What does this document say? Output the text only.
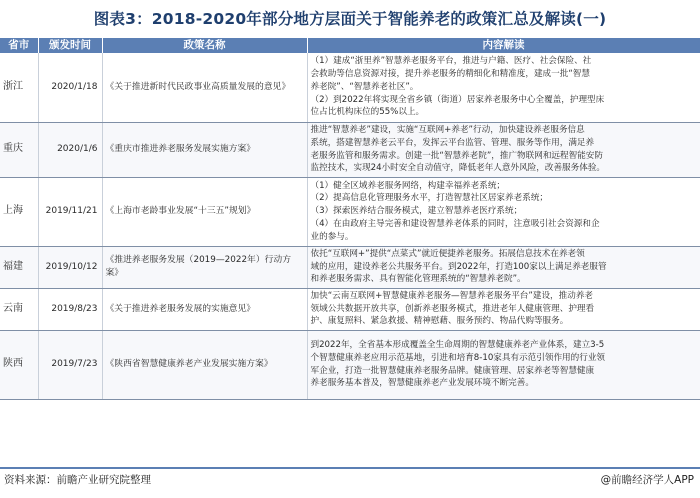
图表3：2018-2020年部分地方层面关于智能养老的政策汇总及解读(一)
省市	颁发时间	政策名称	内容解读
浙江	2020/1/18	《关于推进新时代民政事业高质量发展的意见》	（1）建成“浙里养”智慧养老服务平台，推进与户籍、医疗、社会保险、社
会救助等信息资源对接，提升养老服务的精细化和精准度，建成一批“智慧
养老院”、“智慧养老社区”。
（2）到2022年将实现全省乡镇（街道）居家养老服务中心全覆盖，护理型床
位占比机构床位的55%以上。

重庆	2020/1/6	《重庆市推进养老服务发展实施方案》	推进“智慧养老”建设，实施“互联网+养老”行动，加快建设养老服务信息
系统，搭建智慧养老云平台，发挥云平台监管、管理、服务等作用，满足养
老服务监管和服务需求。创建一批“智慧养老院”，推广物联网和远程智能安防
监控技术，实现24小时安全自动值守，降低老年人意外风险，改善服务体验。

上海	2019/11/21	《上海市老龄事业发展“十三五”规划》	（1）健全区域养老服务网络，构建幸福养老系统；
（2）提高信息化管理服务水平，打造智慧社区居家养老系统；
（3）探索医养结合服务模式，建立智慧养老医疗系统；
（4）在由政府主导完善和建设智慧养老体系的同时，注意吸引社会资源和企
业的参与。

福建	2019/10/12	《推进养老服务发展（2019—2022年）行动方案》	依托“互联网+”提供“点菜式”就近便捷养老服务。拓展信息技术在养老领
域的应用，建设养老公共服务平台。到2022年，打造100家以上满足养老服管
和养老服务需求、具有智能化管理系统的“智慧养老院”。

云南	2019/8/23	《关于推进养老服务发展的实施意见》	加快“云南互联网+智慧健康养老服务—智慧养老服务平台”建设，推动养老
领域公共数据开放共享，创新养老服务模式，推进老年人健康管理、护理看
护、康复照料、紧急救援、精神慰藉、服务预约、物品代购等服务。

陕西	2019/7/23	《陕西省智慧健康养老产业发展实施方案》	到2022年，全省基本形成覆盖全生命周期的智慧健康养老产业体系，建立3-5
个智慧健康养老应用示范基地，引进和培育8-10家具有示范引领作用的行业领
军企业，打造一批智慧健康养老服务品牌。健康管理、居家养老等智慧健康
养老服务基本普及，智慧健康养老产业发展环境不断完善。
资料来源：前瞻产业研究院整理	@前瞻经济学人APP
